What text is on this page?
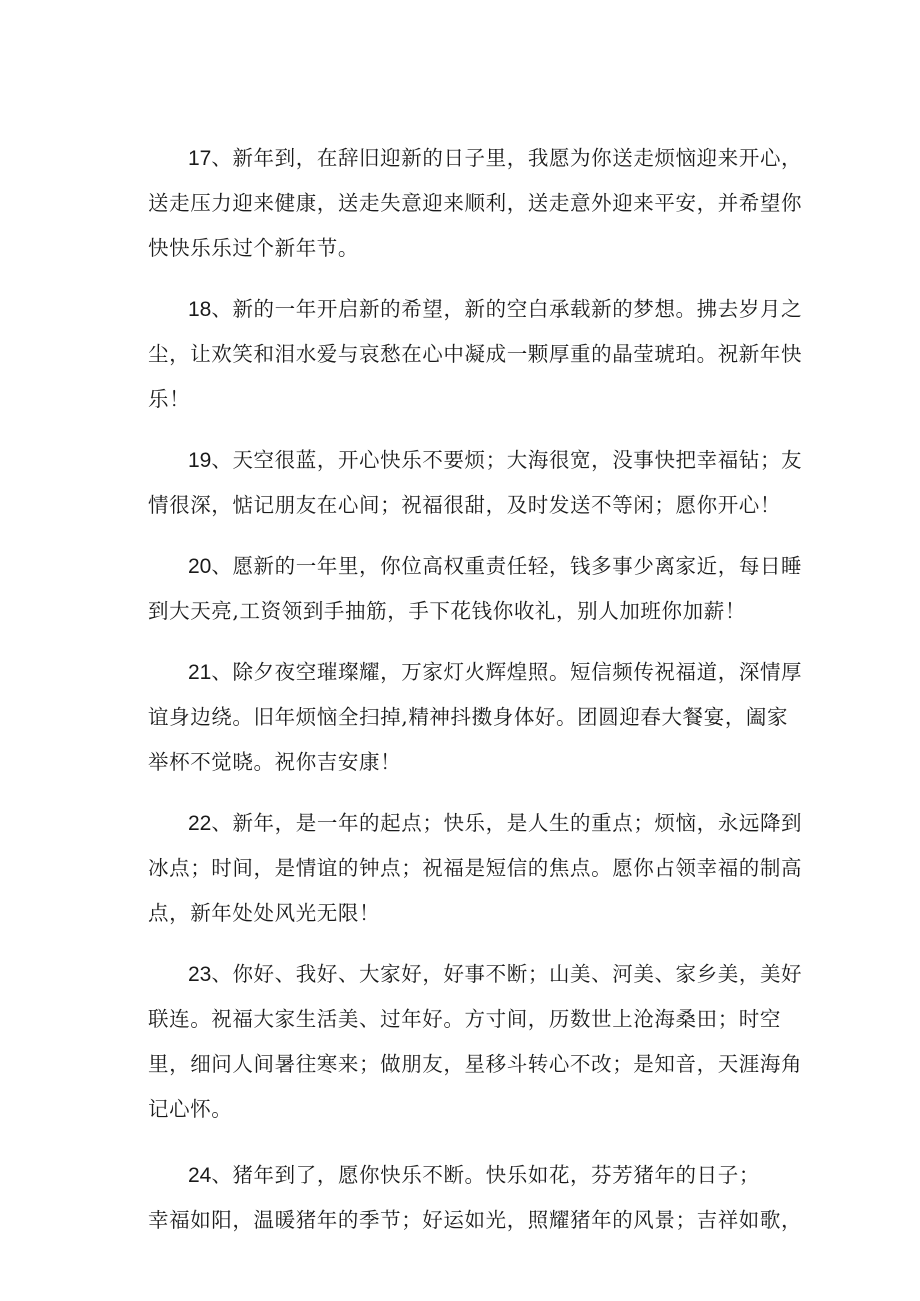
17、新年到，在辞旧迎新的日子里，我愿为你送走烦恼迎来开心，
送走压力迎来健康，送走失意迎来顺利，送走意外迎来平安，并希望你
快快乐乐过个新年节。
18、新的一年开启新的希望，新的空白承载新的梦想。拂去岁月之
尘，让欢笑和泪水爱与哀愁在心中凝成一颗厚重的晶莹琥珀。祝新年快
乐！
19、天空很蓝，开心快乐不要烦；大海很宽，没事快把幸福钻；友
情很深，惦记朋友在心间；祝福很甜，及时发送不等闲；愿你开心！
20、愿新的一年里，你位高权重责任轻，钱多事少离家近，每日睡
到大天亮,工资领到手抽筋，手下花钱你收礼，别人加班你加薪！
21、除夕夜空璀璨耀，万家灯火辉煌照。短信频传祝福道，深情厚
谊身边绕。旧年烦恼全扫掉,精神抖擞身体好。团圆迎春大餐宴，阖家
举杯不觉晓。祝你吉安康！
22、新年，是一年的起点；快乐，是人生的重点；烦恼，永远降到
冰点；时间，是情谊的钟点；祝福是短信的焦点。愿你占领幸福的制高
点，新年处处风光无限！
23、你好、我好、大家好，好事不断；山美、河美、家乡美，美好
联连。祝福大家生活美、过年好。方寸间，历数世上沧海桑田；时空
里，细问人间暑往寒来；做朋友，星移斗转心不改；是知音，天涯海角
记心怀。
24、猪年到了，愿你快乐不断。快乐如花，芬芳猪年的日子；
幸福如阳，温暖猪年的季节；好运如光，照耀猪年的风景；吉祥如歌，
